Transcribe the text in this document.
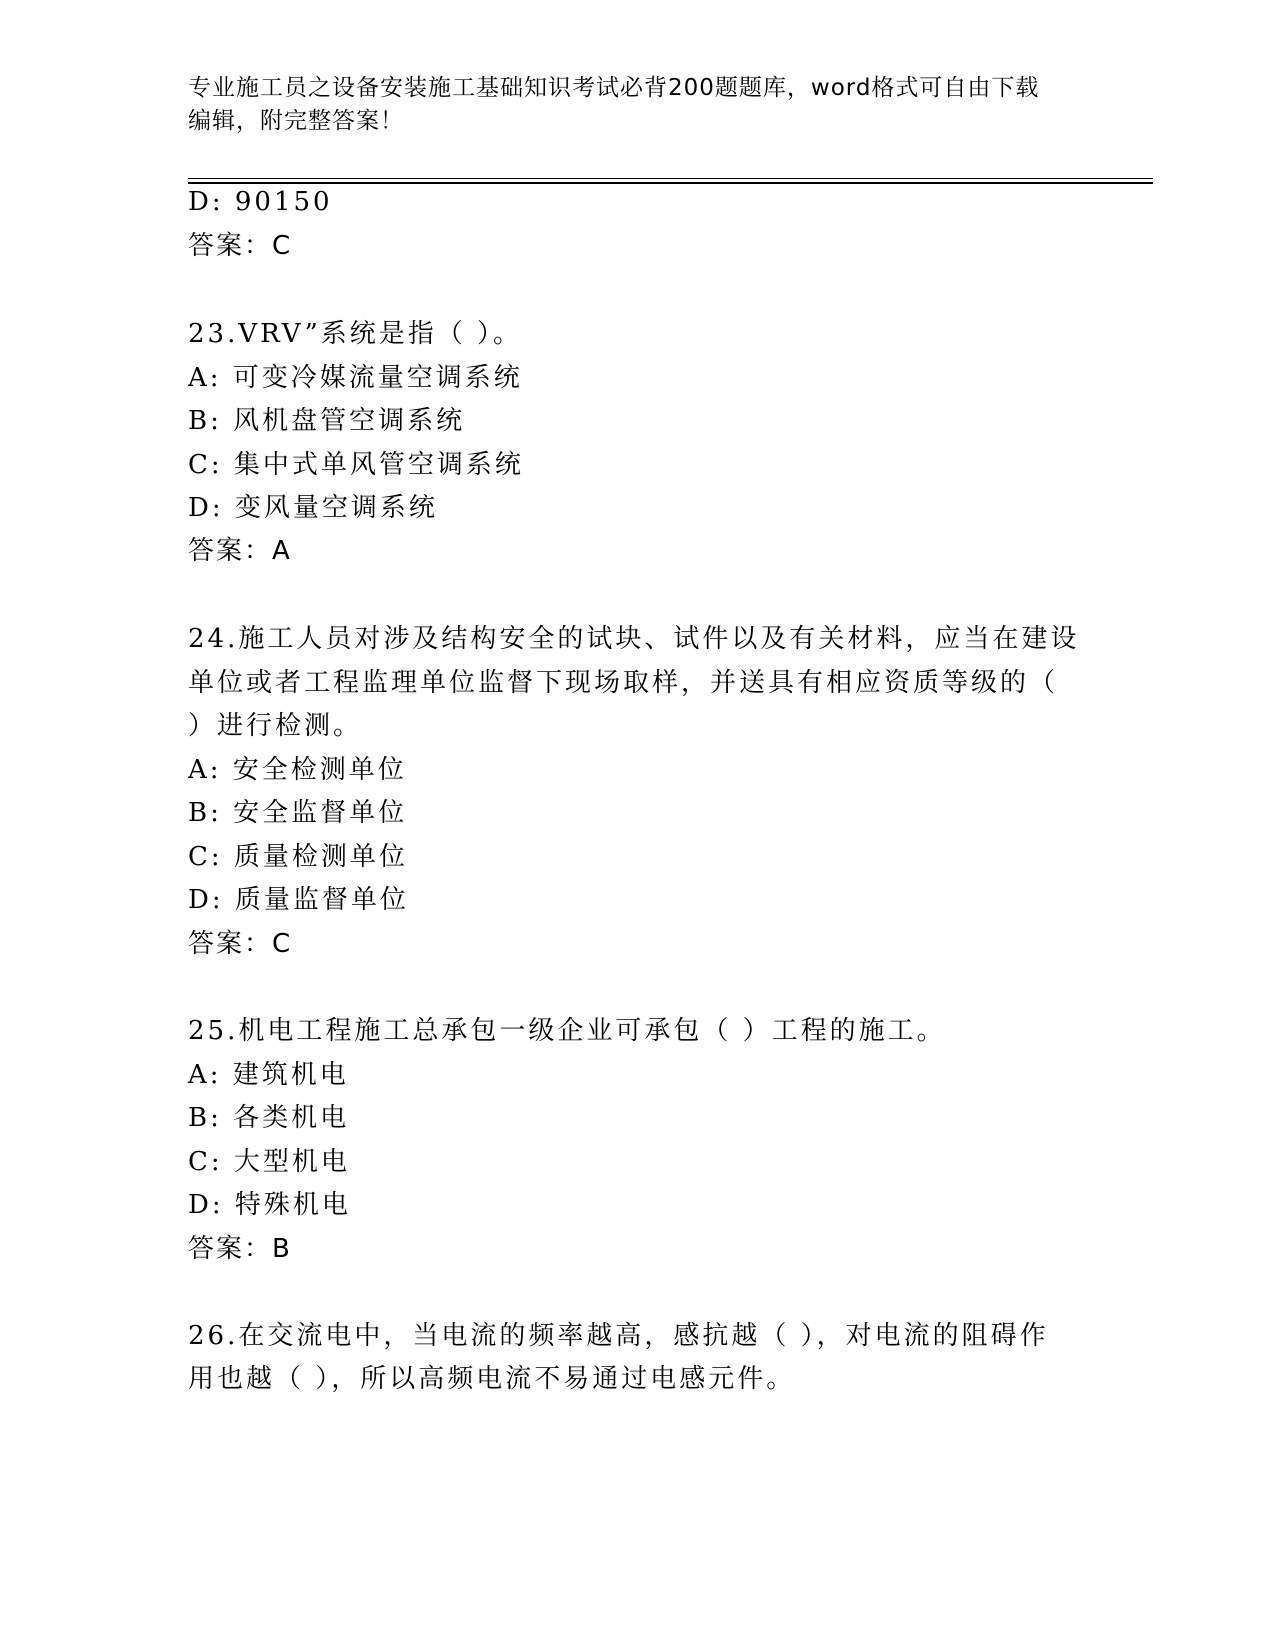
专业施工员之设备安装施工基础知识考试必背200题题库，word格式可自由下载
编辑，附完整答案！
D: 90150
答案：C
23.VRV”系统是指（ ）。
A: 可变冷媒流量空调系统
B: 风机盘管空调系统
C: 集中式单风管空调系统
D: 变风量空调系统
答案：A
24.施工人员对涉及结构安全的试块、试件以及有关材料，应当在建设
单位或者工程监理单位监督下现场取样，并送具有相应资质等级的（
）进行检测。
A: 安全检测单位
B: 安全监督单位
C: 质量检测单位
D: 质量监督单位
答案：C
25.机电工程施工总承包一级企业可承包（ ）工程的施工。
A: 建筑机电
B: 各类机电
C: 大型机电
D: 特殊机电
答案：B
26.在交流电中，当电流的频率越高，感抗越（ ），对电流的阻碍作
用也越（ ），所以高频电流不易通过电感元件。
